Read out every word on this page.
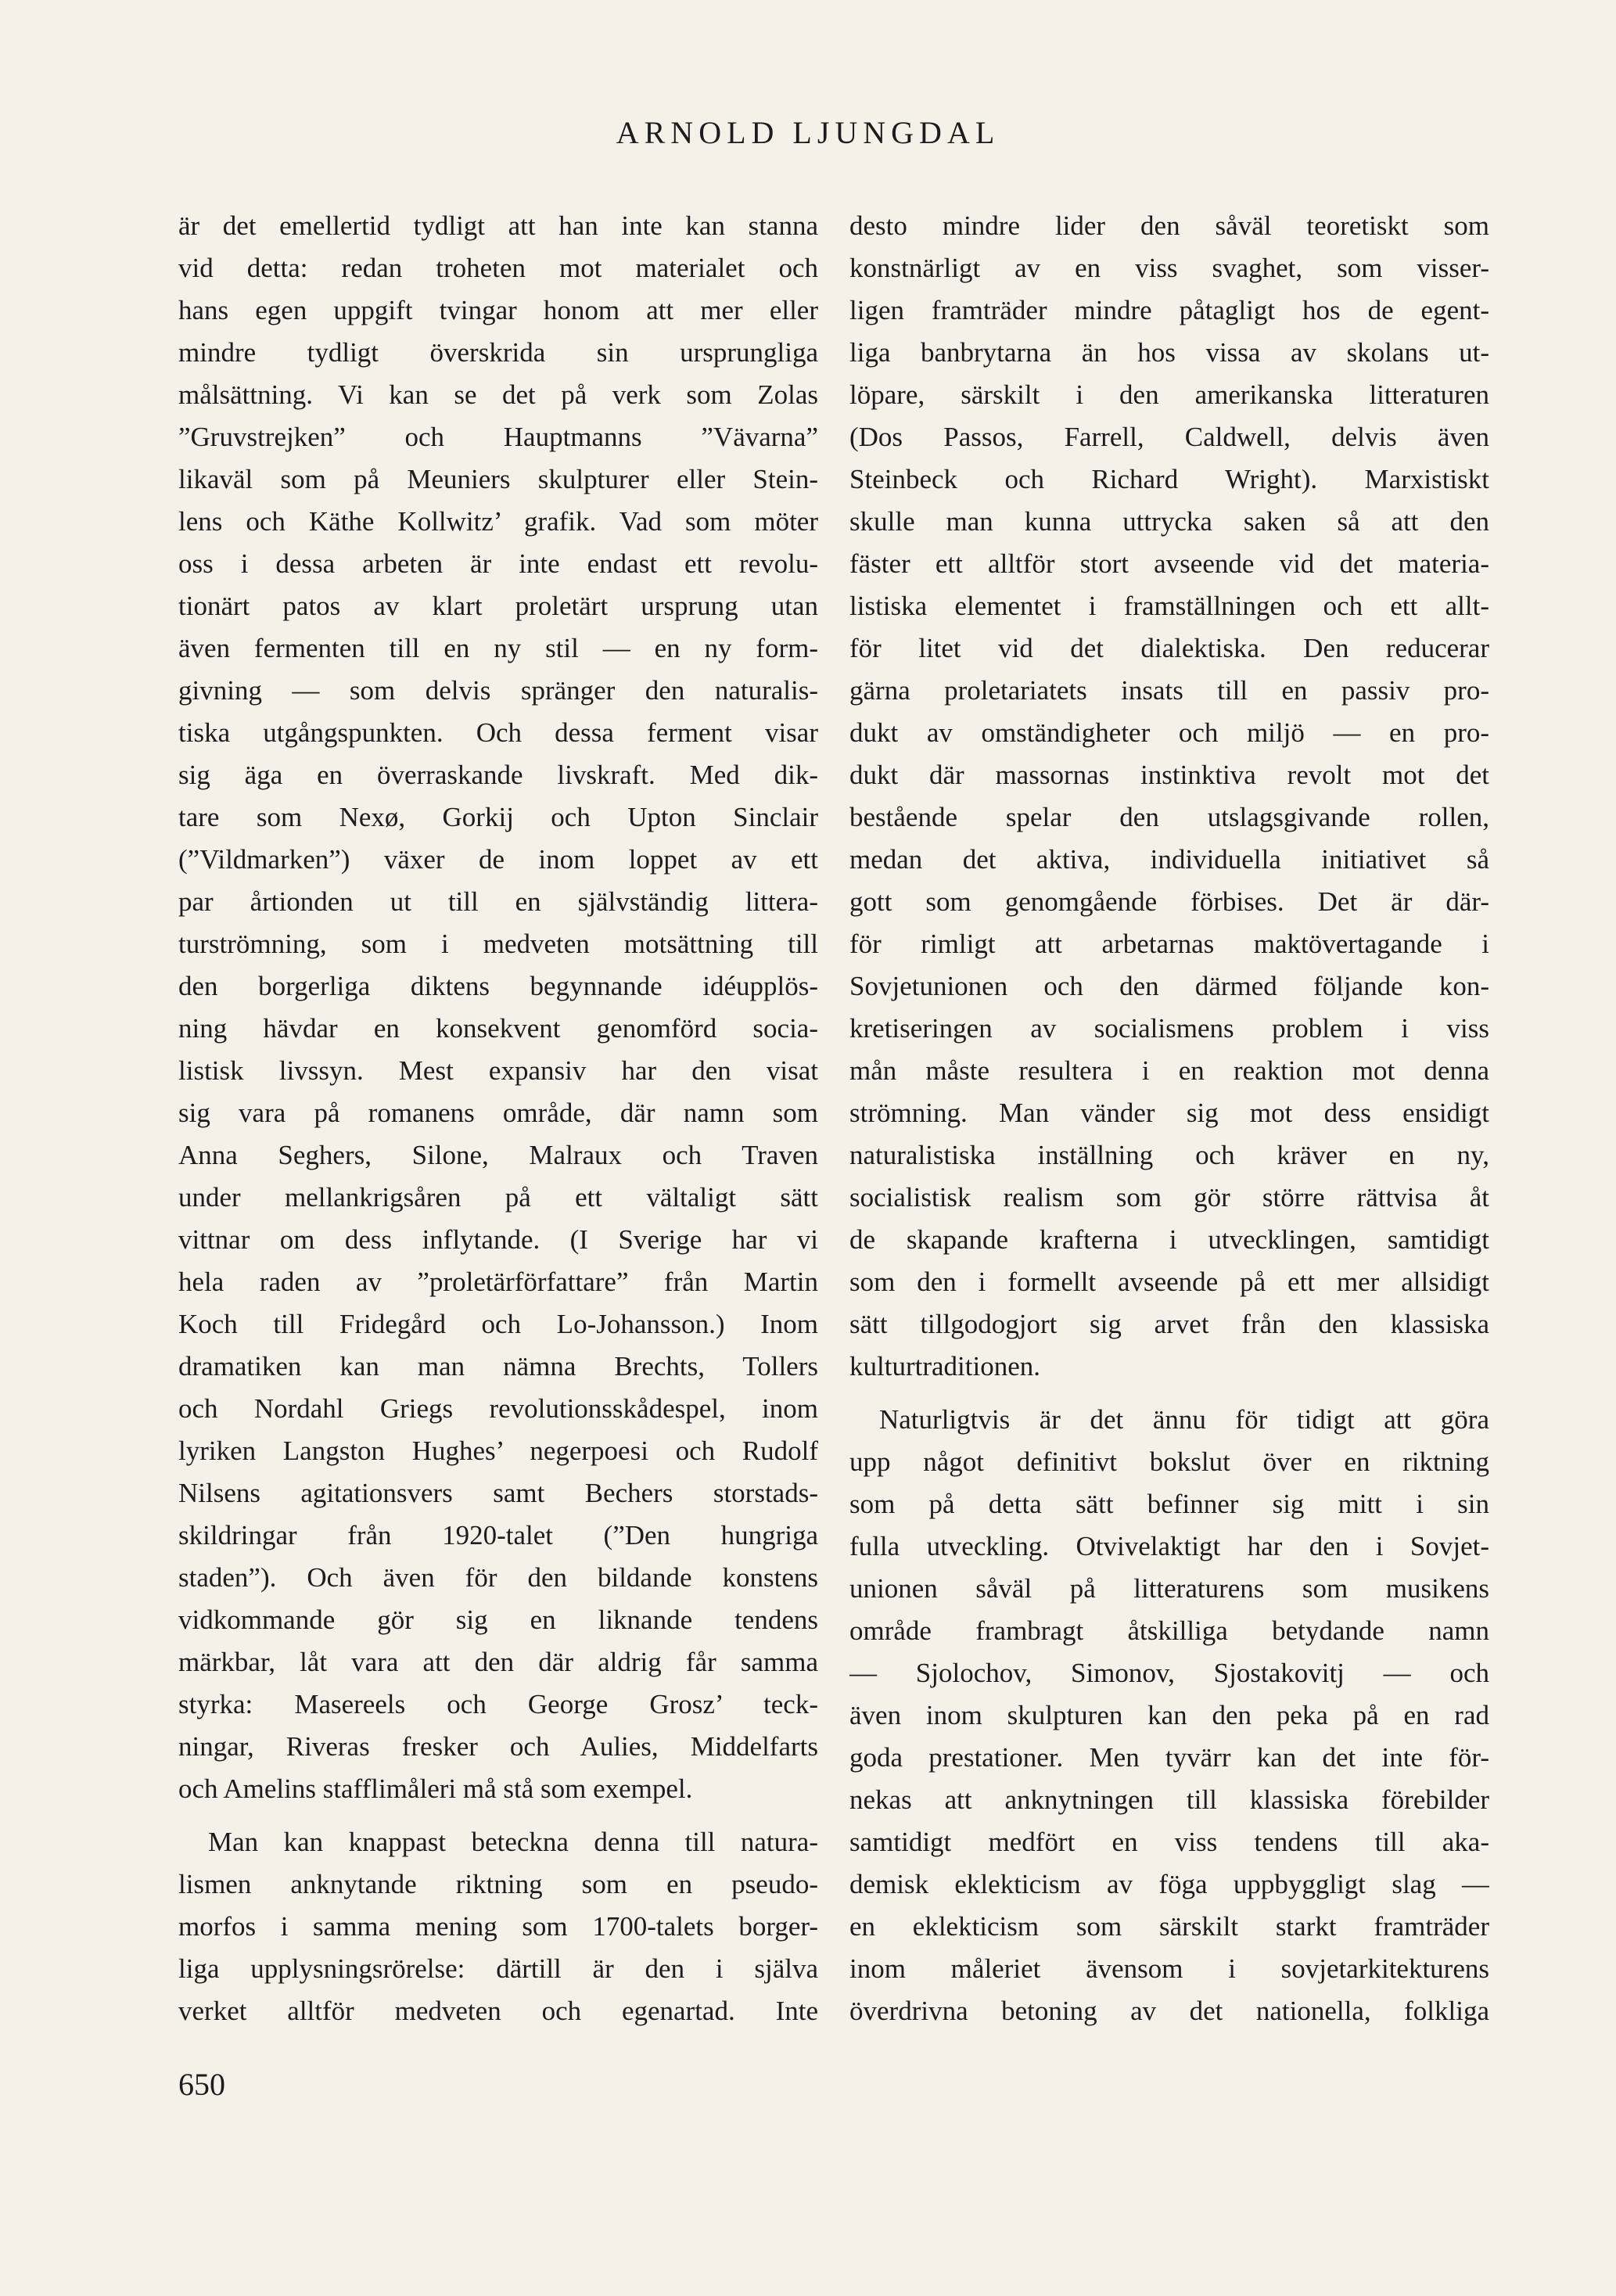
ARNOLD LJUNGDAL
är det emellertid tydligt att han inte kan stanna
vid detta: redan troheten mot materialet och
hans egen uppgift tvingar honom att mer eller
mindre tydligt överskrida sin ursprungliga
målsättning. Vi kan se det på verk som Zolas
”Gruvstrejken” och Hauptmanns ”Vävarna”
likaväl som på Meuniers skulpturer eller Stein-
lens och Käthe Kollwitz’ grafik. Vad som möter
oss i dessa arbeten är inte endast ett revolu-
tionärt patos av klart proletärt ursprung utan
även fermenten till en ny stil — en ny form-
givning — som delvis spränger den naturalis-
tiska utgångspunkten. Och dessa ferment visar
sig äga en överraskande livskraft. Med dik-
tare som Nexø, Gorkij och Upton Sinclair
(”Vildmarken”) växer de inom loppet av ett
par årtionden ut till en självständig littera-
turströmning, som i medveten motsättning till
den borgerliga diktens begynnande idéupplös-
ning hävdar en konsekvent genomförd socia-
listisk livssyn. Mest expansiv har den visat
sig vara på romanens område, där namn som
Anna Seghers, Silone, Malraux och Traven
under mellankrigsåren på ett vältaligt sätt
vittnar om dess inflytande. (I Sverige har vi
hela raden av ”proletärförfattare” från Martin
Koch till Fridegård och Lo-Johansson.) Inom
dramatiken kan man nämna Brechts, Tollers
och Nordahl Griegs revolutionsskådespel, inom
lyriken Langston Hughes’ negerpoesi och Rudolf
Nilsens agitationsvers samt Bechers storstads-
skildringar från 1920-talet (”Den hungriga
staden”). Och även för den bildande konstens
vidkommande gör sig en liknande tendens
märkbar, låt vara att den där aldrig får samma
styrka: Masereels och George Grosz’ teck-
ningar, Riveras fresker och Aulies, Middelfarts
och Amelins stafflimåleri må stå som exempel.
Man kan knappast beteckna denna till natura-
lismen anknytande riktning som en pseudo-
morfos i samma mening som 1700-talets borger-
liga upplysningsrörelse: därtill är den i själva
verket alltför medveten och egenartad. Inte
desto mindre lider den såväl teoretiskt som
konstnärligt av en viss svaghet, som visser-
ligen framträder mindre påtagligt hos de egent-
liga banbrytarna än hos vissa av skolans ut-
löpare, särskilt i den amerikanska litteraturen
(Dos Passos, Farrell, Caldwell, delvis även
Steinbeck och Richard Wright). Marxistiskt
skulle man kunna uttrycka saken så att den
fäster ett alltför stort avseende vid det materia-
listiska elementet i framställningen och ett allt-
för litet vid det dialektiska. Den reducerar
gärna proletariatets insats till en passiv pro-
dukt av omständigheter och miljö — en pro-
dukt där massornas instinktiva revolt mot det
bestående spelar den utslagsgivande rollen,
medan det aktiva, individuella initiativet så
gott som genomgående förbises. Det är där-
för rimligt att arbetarnas maktövertagande i
Sovjetunionen och den därmed följande kon-
kretiseringen av socialismens problem i viss
mån måste resultera i en reaktion mot denna
strömning. Man vänder sig mot dess ensidigt
naturalistiska inställning och kräver en ny,
socialistisk realism som gör större rättvisa åt
de skapande krafterna i utvecklingen, samtidigt
som den i formellt avseende på ett mer allsidigt
sätt tillgodogjort sig arvet från den klassiska
kulturtraditionen.
Naturligtvis är det ännu för tidigt att göra
upp något definitivt bokslut över en riktning
som på detta sätt befinner sig mitt i sin
fulla utveckling. Otvivelaktigt har den i Sovjet-
unionen såväl på litteraturens som musikens
område frambragt åtskilliga betydande namn
— Sjolochov, Simonov, Sjostakovitj — och
även inom skulpturen kan den peka på en rad
goda prestationer. Men tyvärr kan det inte för-
nekas att anknytningen till klassiska förebilder
samtidigt medfört en viss tendens till aka-
demisk eklekticism av föga uppbyggligt slag —
en eklekticism som särskilt starkt framträder
inom måleriet ävensom i sovjetarkitekturens
överdrivna betoning av det nationella, folkliga
650
